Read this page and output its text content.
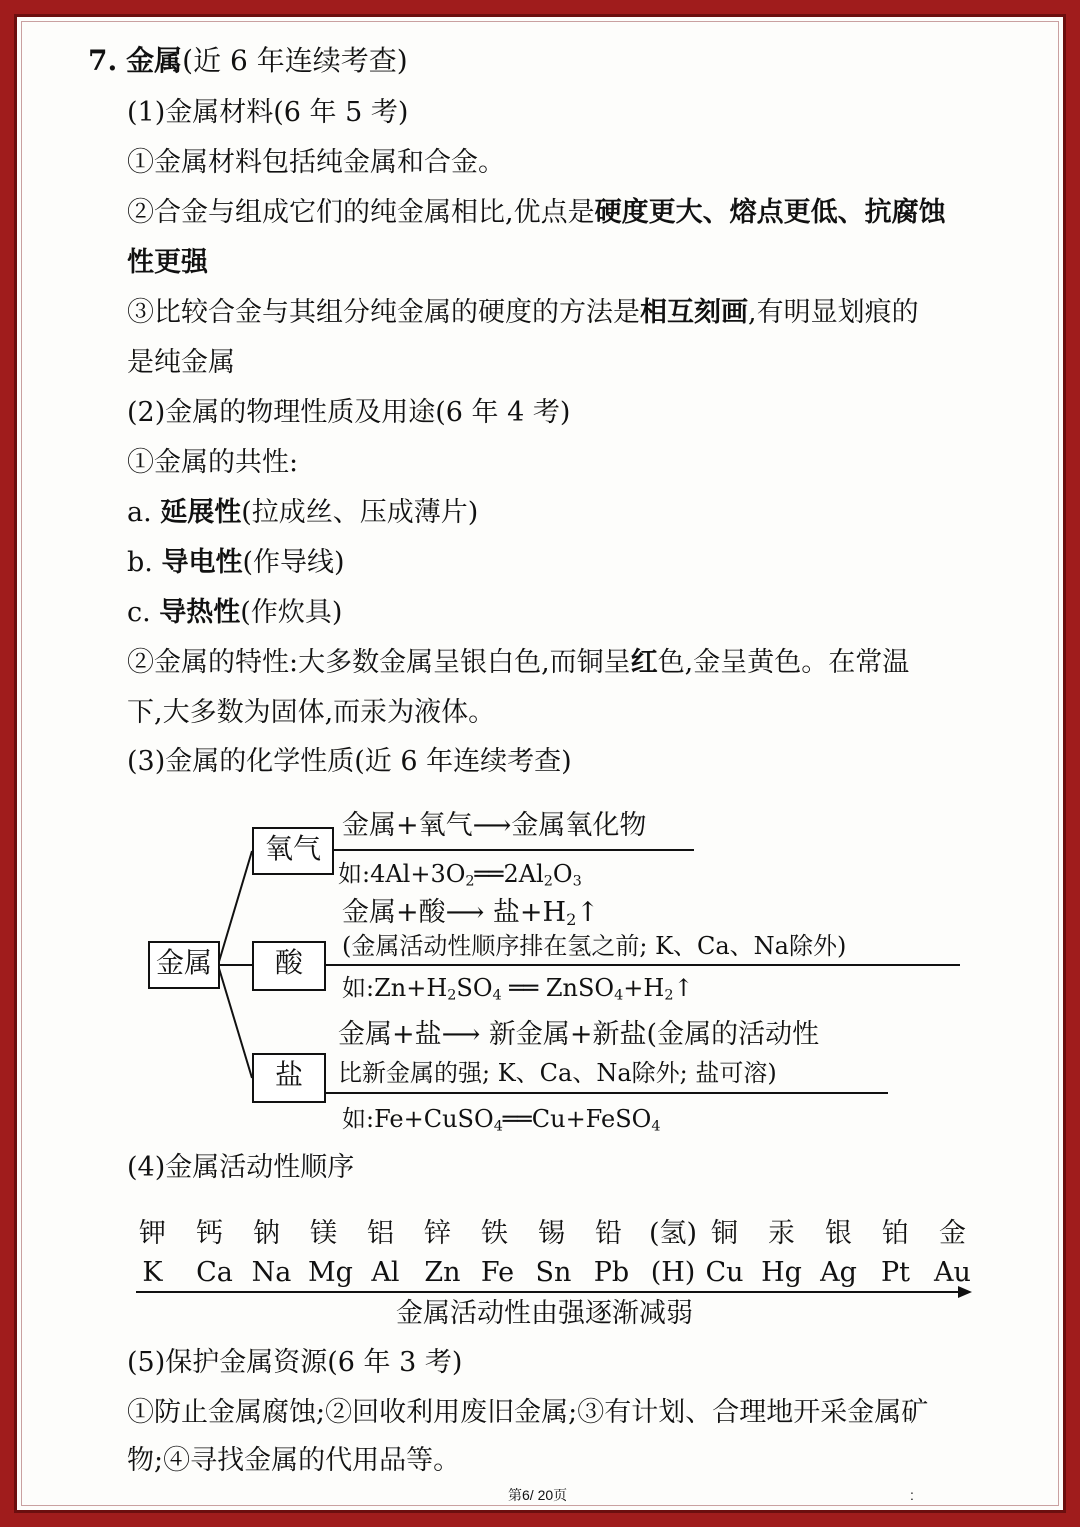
7. 金属(近 6 年连续考查)
(1)金属材料(6 年 5 考)
①金属材料包括纯金属和合金。
②合金与组成它们的纯金属相比,优点是硬度更大、熔点更低、抗腐蚀
性更强
③比较合金与其组分纯金属的硬度的方法是相互刻画,有明显划痕的
是纯金属
(2)金属的物理性质及用途(6 年 4 考)
①金属的共性:
a. 延展性(拉成丝、压成薄片)
b. 导电性(作导线)
c. 导热性(作炊具)
②金属的特性:大多数金属呈银白色,而铜呈红色,金呈黄色。在常温
下,大多数为固体,而汞为液体。
(3)金属的化学性质(近 6 年连续考查)
金属
氧气
金属+氧气⟶金属氧化物
如$:4Al+3O_2══2Al_2O_3$
金属+酸⟶ 盐$+H_2↑$
(金属活动性顺序排在氢之前; K、Ca、Na除外)
酸
如$:Zn+H_2SO_4$ ══ $ZnSO_4+H_2↑$
金属+盐⟶ 新金属+新盐(金属的活动性
比新金属的强; K、Ca、Na除外; 盐可溶)
盐
如:Fe+CuSO$_4$══Cu+FeSO$_4$
(4)金属活动性顺序
钾	钙	钠	镁	铝	锌	铁	锡	铅 (氢) 铜	汞	银	铂	金
K	Ca Na Mg Al Zn Fe Sn Pb (H) Cu Hg Ag Pt Au
金属活动性由强逐渐减弱
(5)保护金属资源(6 年 3 考)
①防止金属腐蚀;②回收利用废旧金属;③有计划、合理地开采金属矿
物;④寻找金属的代用品等。
第6/ 20页	:
